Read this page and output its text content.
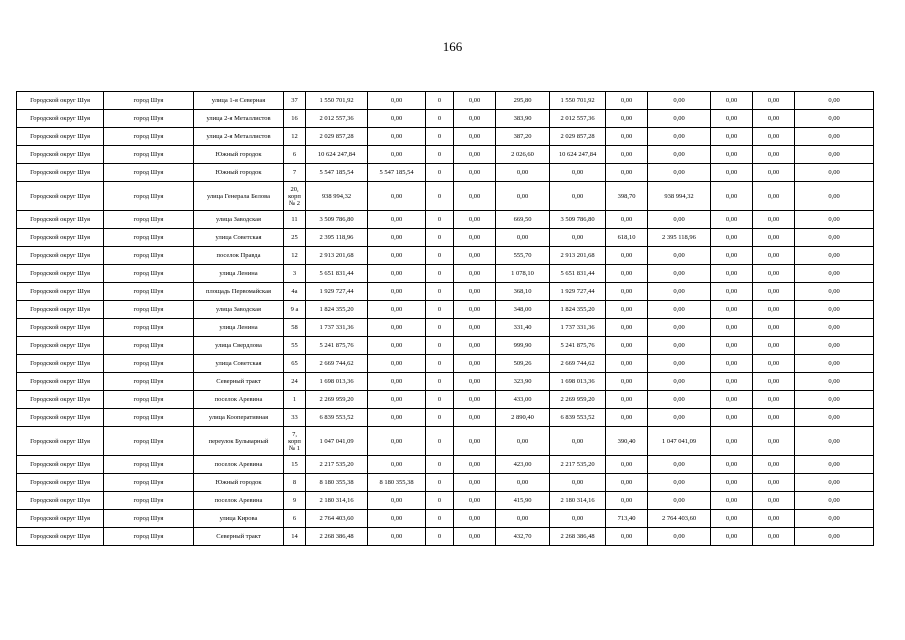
166
Городской округ Шуя	город Шуя	улица 1-я Северная	37	1 550 701,92	0,00	0	0,00	295,80	1 550 701,92	0,00	0,00	0,00	0,00	0,00
Городской округ Шуя	город Шуя	улица 2-я Металлистов	16	2 012 557,36	0,00	0	0,00	383,90	2 012 557,36	0,00	0,00	0,00	0,00	0,00
Городской округ Шуя	город Шуя	улица 2-я Металлистов	12	2 029 857,28	0,00	0	0,00	387,20	2 029 857,28	0,00	0,00	0,00	0,00	0,00
Городской округ Шуя	город Шуя	Южный городок	6	10 624 247,84	0,00	0	0,00	2 026,60	10 624 247,84	0,00	0,00	0,00	0,00	0,00
Городской округ Шуя	город Шуя	Южный городок	7	5 547 185,54	5 547 185,54	0	0,00	0,00	0,00	0,00	0,00	0,00	0,00	0,00
Городской округ Шуя	город Шуя	улица Генерала Белова	20, корп № 2	938 994,32	0,00	0	0,00	0,00	0,00	398,70	938 994,32	0,00	0,00	0,00
Городской округ Шуя	город Шуя	улица Заводская	11	3 509 786,80	0,00	0	0,00	669,50	3 509 786,80	0,00	0,00	0,00	0,00	0,00
Городской округ Шуя	город Шуя	улица Советская	25	2 395 118,96	0,00	0	0,00	0,00	0,00	618,10	2 395 118,96	0,00	0,00	0,00
Городской округ Шуя	город Шуя	поселок Правда	12	2 913 201,68	0,00	0	0,00	555,70	2 913 201,68	0,00	0,00	0,00	0,00	0,00
Городской округ Шуя	город Шуя	улица Ленина	3	5 651 831,44	0,00	0	0,00	1 078,10	5 651 831,44	0,00	0,00	0,00	0,00	0,00
Городской округ Шуя	город Шуя	площадь Первомайская	4а	1 929 727,44	0,00	0	0,00	368,10	1 929 727,44	0,00	0,00	0,00	0,00	0,00
Городской округ Шуя	город Шуя	улица Заводская	9 а	1 824 355,20	0,00	0	0,00	348,00	1 824 355,20	0,00	0,00	0,00	0,00	0,00
Городской округ Шуя	город Шуя	улица Ленина	58	1 737 331,36	0,00	0	0,00	331,40	1 737 331,36	0,00	0,00	0,00	0,00	0,00
Городской округ Шуя	город Шуя	улица Свердлова	55	5 241 875,76	0,00	0	0,00	999,90	5 241 875,76	0,00	0,00	0,00	0,00	0,00
Городской округ Шуя	город Шуя	улица Советская	65	2 669 744,62	0,00	0	0,00	509,26	2 669 744,62	0,00	0,00	0,00	0,00	0,00
Городской округ Шуя	город Шуя	Северный тракт	24	1 698 013,36	0,00	0	0,00	323,90	1 698 013,36	0,00	0,00	0,00	0,00	0,00
Городской округ Шуя	город Шуя	поселок Аревина	1	2 269 959,20	0,00	0	0,00	433,00	2 269 959,20	0,00	0,00	0,00	0,00	0,00
Городской округ Шуя	город Шуя	улица Кооперативная	33	6 839 553,52	0,00	0	0,00	2 890,40	6 839 553,52	0,00	0,00	0,00	0,00	0,00
Городской округ Шуя	город Шуя	переулок Бульварный	7, корп № 1	1 047 041,09	0,00	0	0,00	0,00	0,00	390,40	1 047 041,09	0,00	0,00	0,00
Городской округ Шуя	город Шуя	поселок Аревина	15	2 217 535,20	0,00	0	0,00	423,00	2 217 535,20	0,00	0,00	0,00	0,00	0,00
Городской округ Шуя	город Шуя	Южный городок	8	8 180 355,38	8 180 355,38	0	0,00	0,00	0,00	0,00	0,00	0,00	0,00	0,00
Городской округ Шуя	город Шуя	поселок Аревина	9	2 180 314,16	0,00	0	0,00	415,90	2 180 314,16	0,00	0,00	0,00	0,00	0,00
Городской округ Шуя	город Шуя	улица Кирова	6	2 764 403,60	0,00	0	0,00	0,00	0,00	713,40	2 764 403,60	0,00	0,00	0,00
Городской округ Шуя	город Шуя	Северный тракт	14	2 268 386,48	0,00	0	0,00	432,70	2 268 386,48	0,00	0,00	0,00	0,00	0,00
